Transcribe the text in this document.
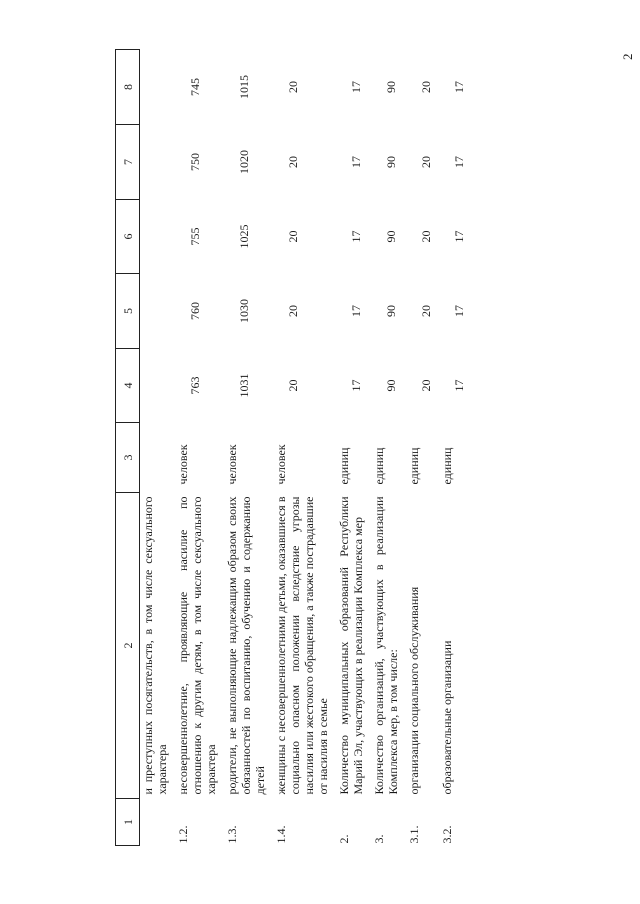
2
1	2	3	4	5	6	7	8
	и преступных посягательств, в том числе сексуального характера						
1.2.	несовершеннолетние, проявляющие насилие по отношению к другим детям, в том числе сексуального характера	человек	763	760	755	750	745
1.3.	родители, не выполняющие надлежащим образом своих обязанностей по воспитанию, обучению и содержанию детей	человек	1031	1030	1025	1020	1015
1.4.	женщины с несовершеннолетними детьми, оказавшиеся в социально опасном положении вследствие угрозы насилия или жестокого обращения, а также пострадавшие от насилия в семье	человек	20	20	20	20	20
2.	Количество муниципальных образований Республики Марий Эл, участвующих в реализации Комплекса мер	единиц	17	17	17	17	17
3.	Количество организаций, участвующих в реализации Комплекса мер, в том числе:	единиц	90	90	90	90	90
3.1.	организации социального обслуживания	единиц	20	20	20	20	20
3.2.	образовательные организации	единиц	17	17	17	17	17
